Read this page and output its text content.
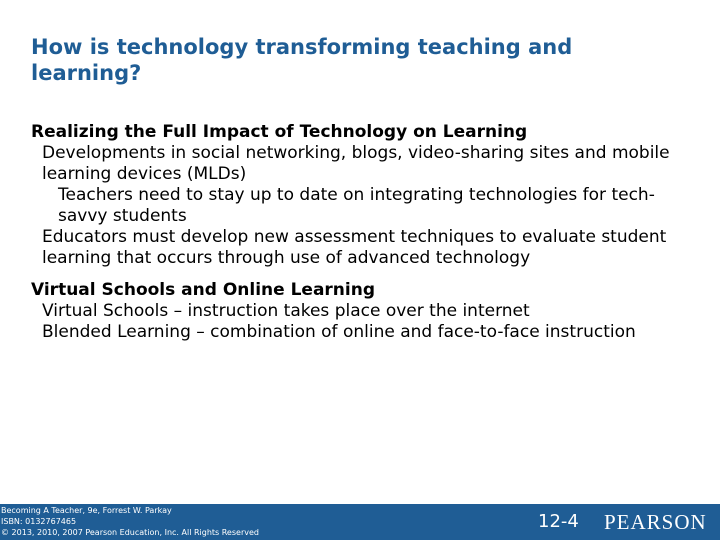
How is technology transforming teaching and learning?
Realizing the Full Impact of Technology on Learning
Developments in social networking, blogs, video-sharing sites and mobile learning devices (MLDs)
Teachers need to stay up to date on integrating technologies for tech-savvy students
Educators must develop new assessment techniques to evaluate student learning that occurs through use of advanced technology
Virtual Schools and Online Learning
Virtual Schools – instruction takes place over the internet
Blended Learning – combination of online and face-to-face instruction
Becoming A Teacher, 9e, Forrest W. Parkay
ISBN: 0132767465
© 2013, 2010, 2007 Pearson Education, Inc. All Rights Reserved
12-4 PEARSON
